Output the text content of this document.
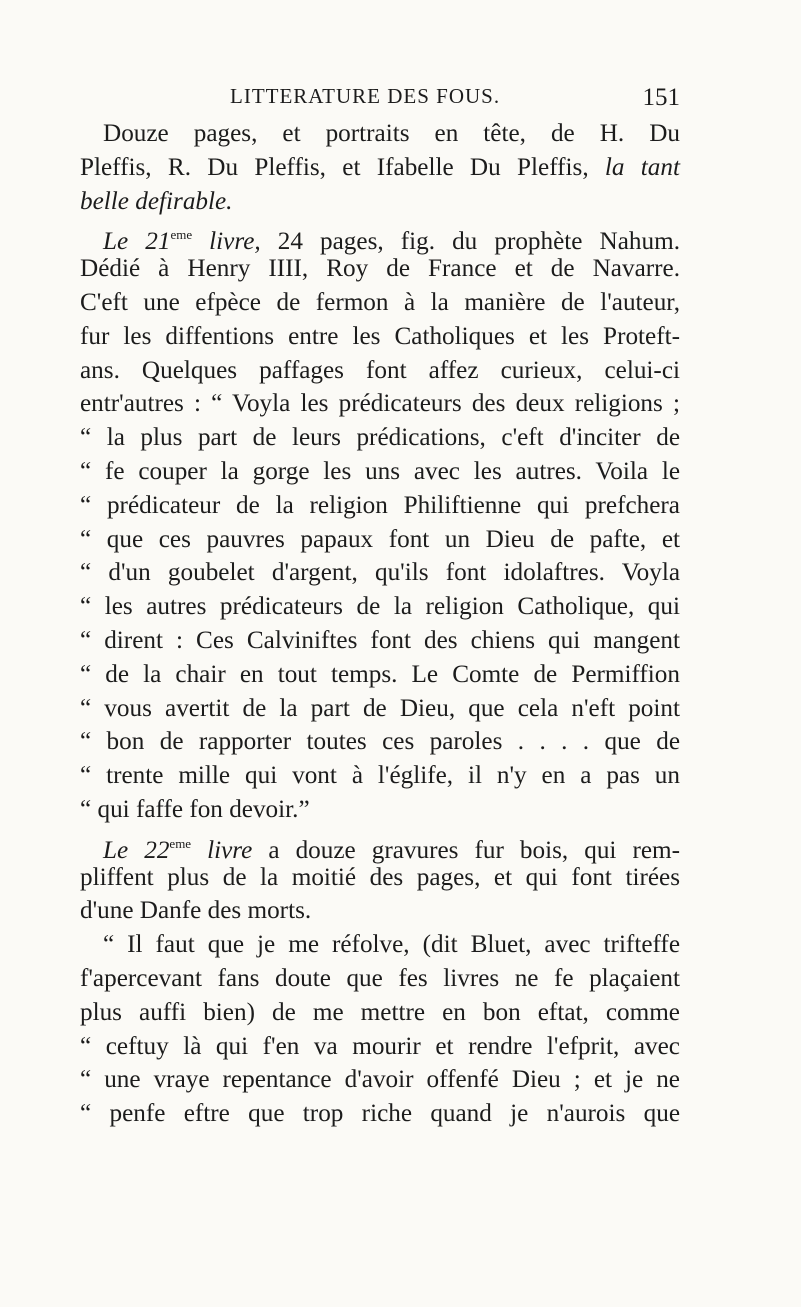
LITTERATURE DES FOUS.	151
Douze pages, et portraits en tête, de H. Du
Pleffis, R. Du Pleffis, et Ifabelle Du Pleffis, la tant
belle defirable.
Le 21eme livre, 24 pages, fig. du prophète Nahum.
Dédié à Henry IIII, Roy de France et de Navarre.
C'eft une efpèce de fermon à la manière de l'auteur,
fur les diffentions entre les Catholiques et les Proteft-
ans. Quelques paffages font affez curieux, celui-ci
entr'autres : “ Voyla les prédicateurs des deux religions ;
“ la plus part de leurs prédications, c'eft d'inciter de
“ fe couper la gorge les uns avec les autres. Voila le
“ prédicateur de la religion Philiftienne qui prefchera
“ que ces pauvres papaux font un Dieu de pafte, et
“ d'un goubelet d'argent, qu'ils font idolaftres. Voyla
“ les autres prédicateurs de la religion Catholique, qui
“ dirent : Ces Calviniftes font des chiens qui mangent
“ de la chair en tout temps. Le Comte de Permiffion
“ vous avertit de la part de Dieu, que cela n'eft point
“ bon de rapporter toutes ces paroles . . . . que de
“ trente mille qui vont à l'églife, il n'y en a pas un
“ qui faffe fon devoir.”
Le 22eme livre a douze gravures fur bois, qui rem-
pliffent plus de la moitié des pages, et qui font tirées
d'une Danfe des morts.
“ Il faut que je me réfolve, (dit Bluet, avec trifteffe
f'apercevant fans doute que fes livres ne fe plaçaient
plus auffi bien) de me mettre en bon eftat, comme
“ ceftuy là qui f'en va mourir et rendre l'efprit, avec
“ une vraye repentance d'avoir offenfé Dieu ; et je ne
“ penfe eftre que trop riche quand je n'aurois que
